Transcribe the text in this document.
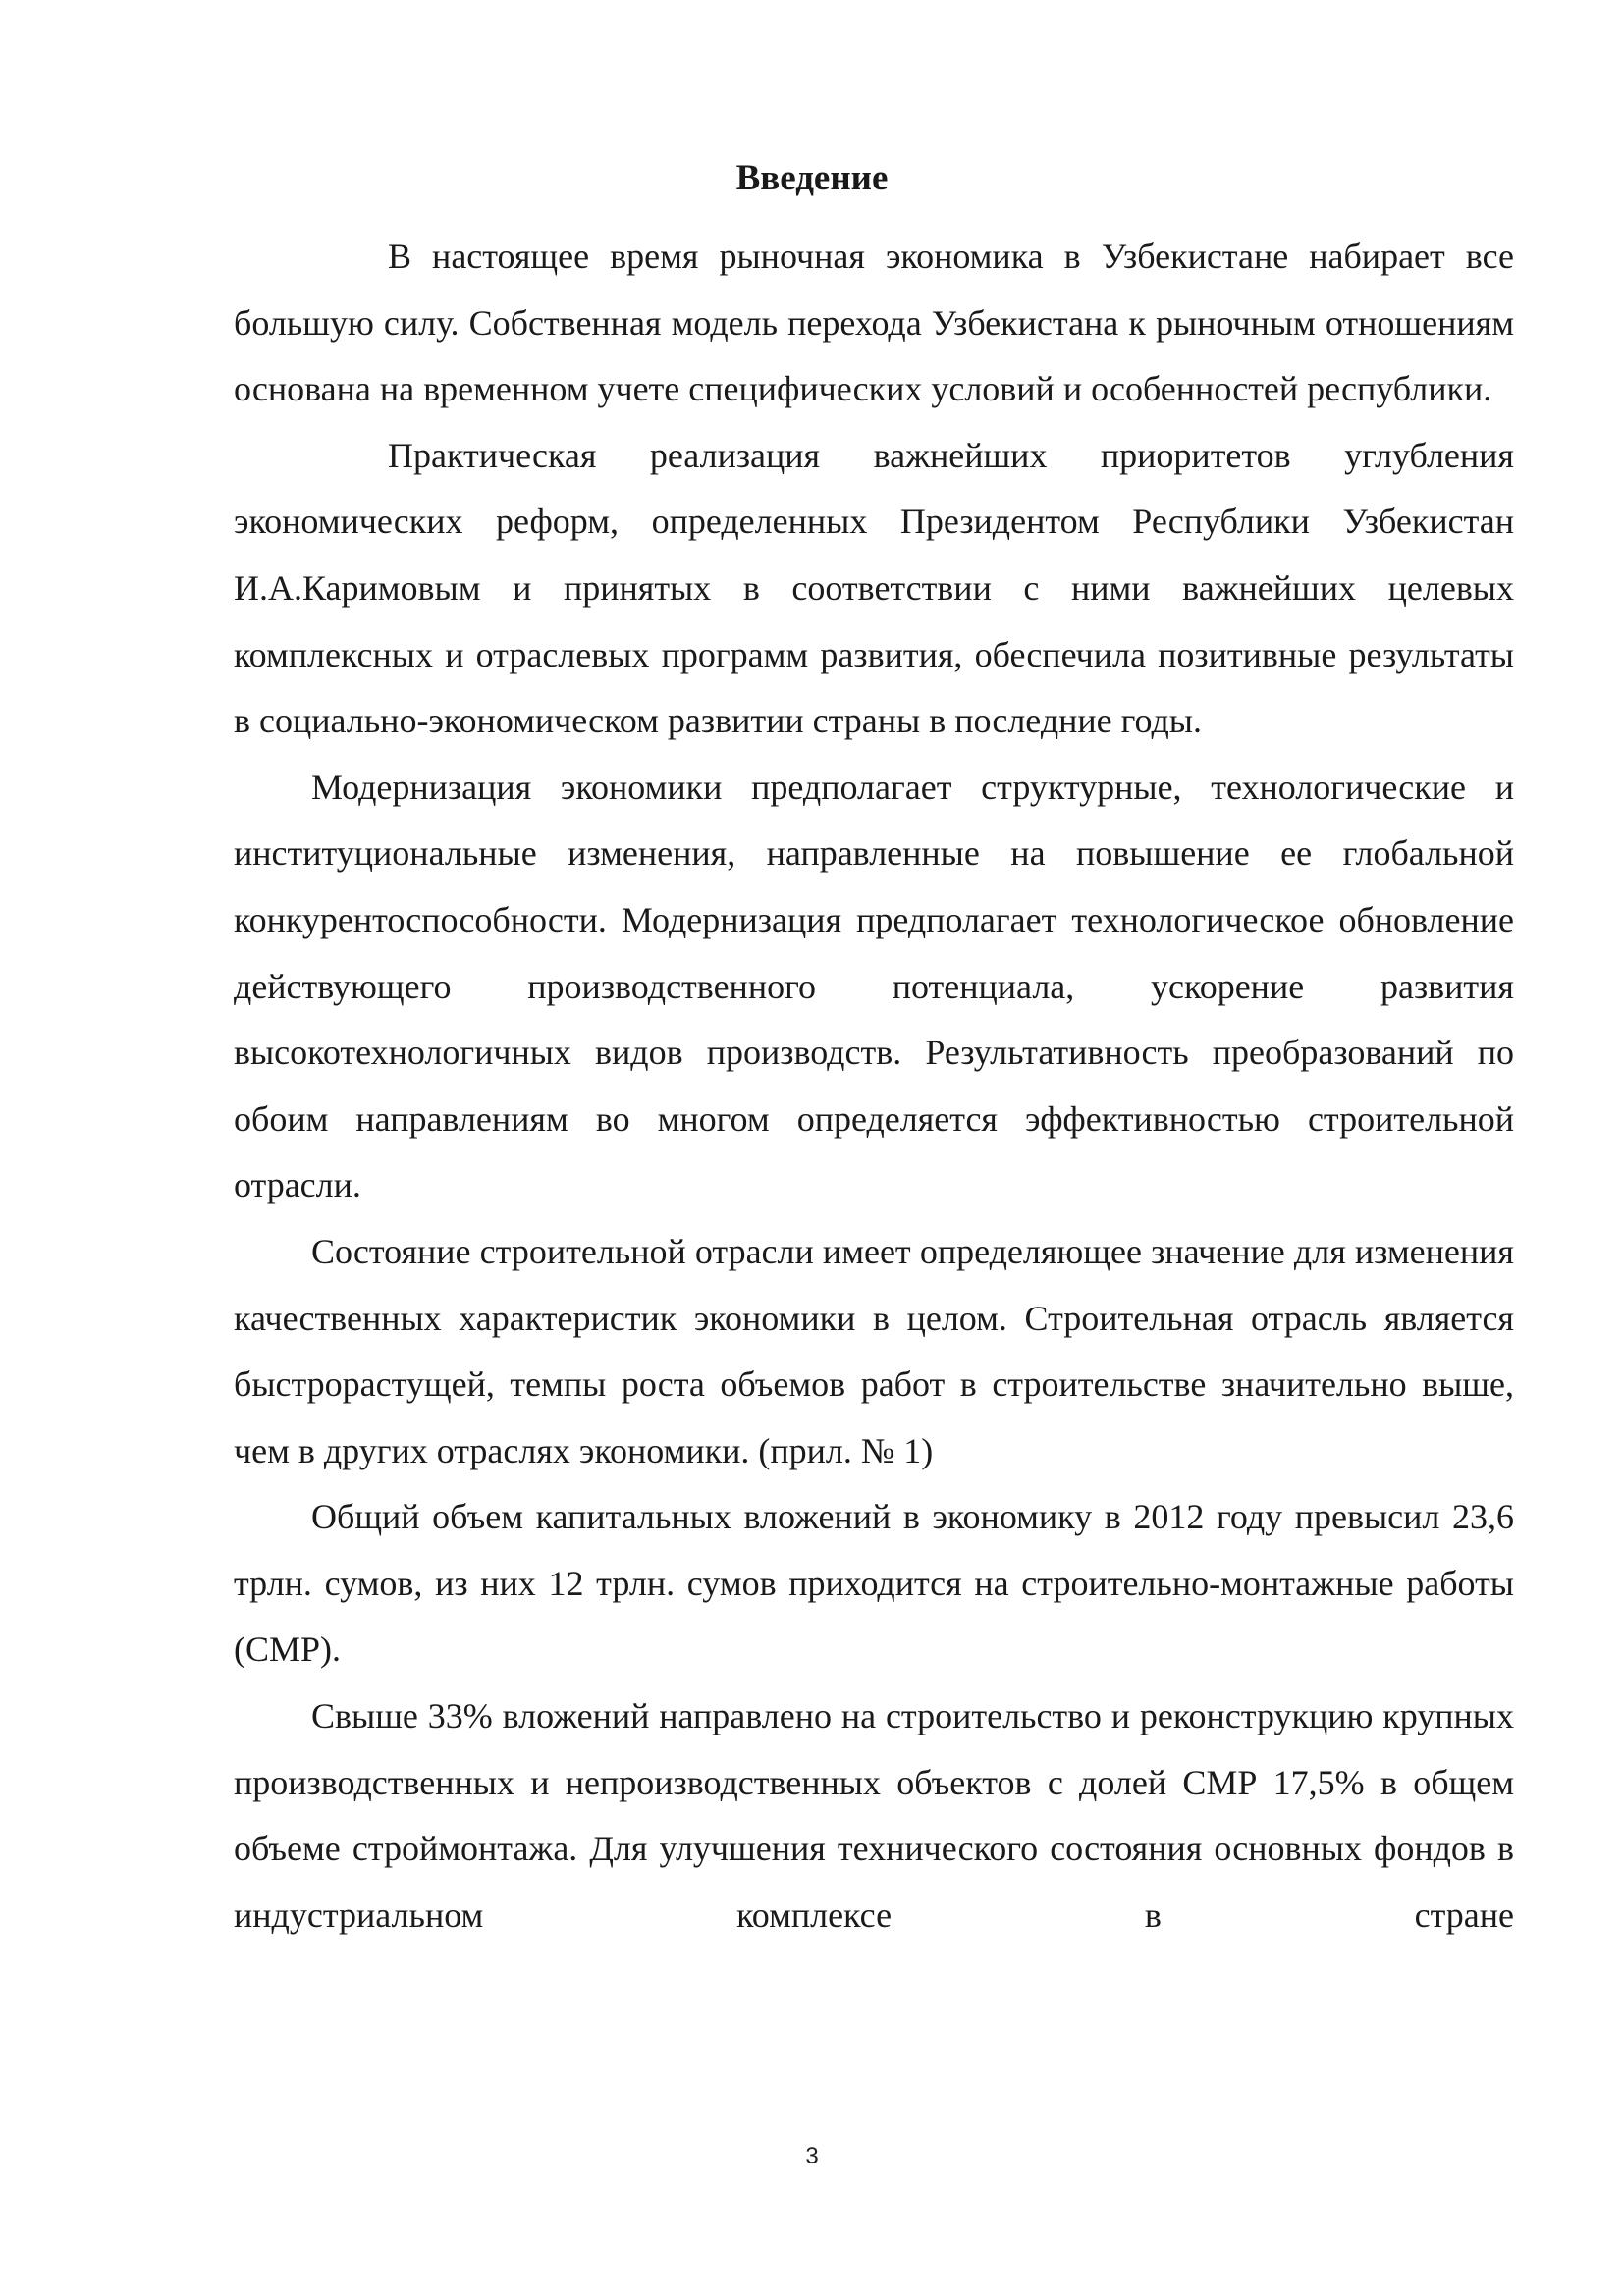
Введение

В настоящее время рыночная экономика в Узбекистане набирает все большую силу. Собственная модель перехода Узбекистана к рыночным отношениям основана на временном учете специфических условий и особенностей республики.

Практическая реализация важнейших приоритетов углубления экономических реформ, определенных Президентом Республики Узбекистан И.А.Каримовым и принятых в соответствии с ними важнейших целевых комплексных и отраслевых программ развития, обеспечила позитивные результаты в социально-экономическом развитии страны в последние годы.

Модернизация экономики предполагает структурные, технологические и институциональные изменения, направленные на повышение ее глобальной конкурентоспособности. Модернизация предполагает технологическое обновление действующего производственного потенциала, ускорение развития высокотехнологичных видов производств. Результативность преобразований по обоим направлениям во многом определяется эффективностью строительной отрасли.

Состояние строительной отрасли имеет определяющее значение для изменения качественных характеристик экономики в целом. Строительная отрасль является быстрорастущей, темпы роста объемов работ в строительстве значительно выше, чем в других отраслях экономики. (прил. № 1)

Общий объем капитальных вложений в экономику в 2012 году превысил 23,6 трлн. сумов, из них 12 трлн. сумов приходится на строительно-монтажные работы (СМР).

Свыше 33% вложений направлено на строительство и реконструкцию крупных производственных и непроизводственных объектов с долей СМР 17,5% в общем объеме строймонтажа. Для улучшения технического состояния основных фондов в индустриальном комплексе в стране

3
